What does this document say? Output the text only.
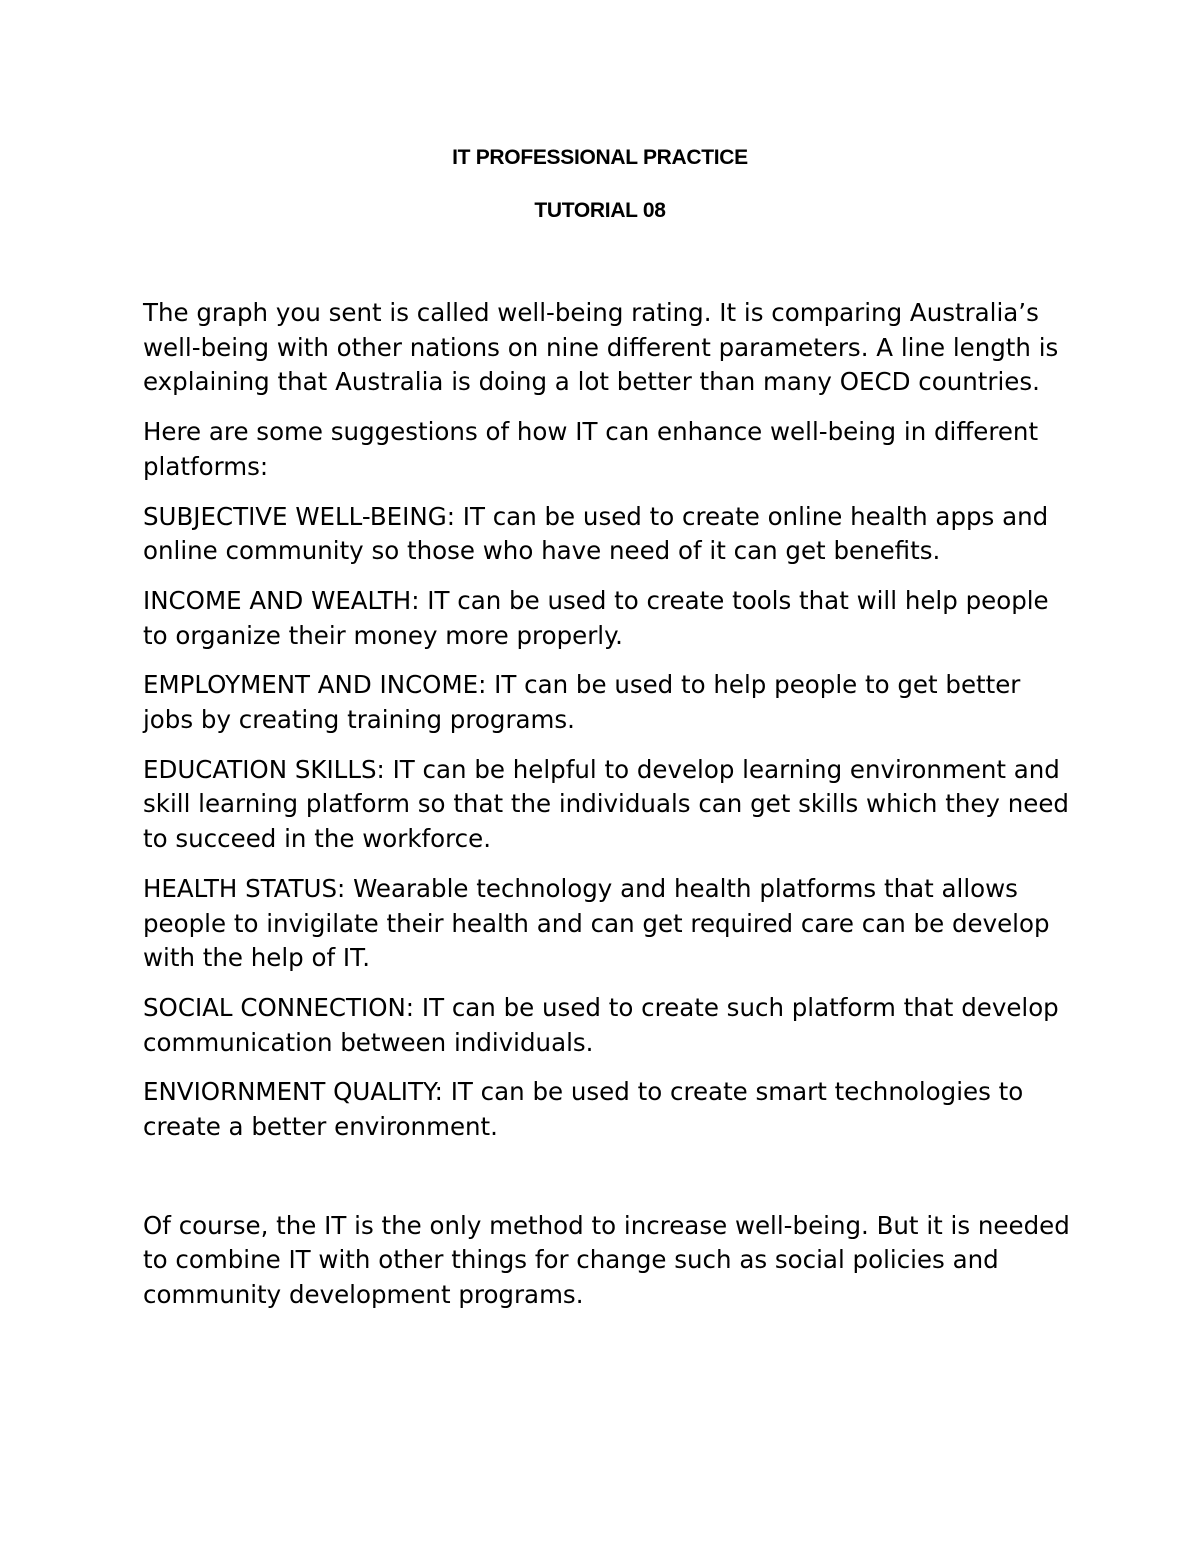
IT PROFESSIONAL PRACTICE
TUTORIAL 08

The graph you sent is called well-being rating. It is comparing Australia’s well-being with other nations on nine different parameters. A line length is explaining that Australia is doing a lot better than many OECD countries.

Here are some suggestions of how IT can enhance well-being in different platforms:

SUBJECTIVE WELL-BEING: IT can be used to create online health apps and online community so those who have need of it can get benefits.

INCOME AND WEALTH: IT can be used to create tools that will help people to organize their money more properly.

EMPLOYMENT AND INCOME: IT can be used to help people to get better jobs by creating training programs.

EDUCATION SKILLS: IT can be helpful to develop learning environment and skill learning platform so that the individuals can get skills which they need to succeed in the workforce.

HEALTH STATUS: Wearable technology and health platforms that allows people to invigilate their health and can get required care can be develop with the help of IT.

SOCIAL CONNECTION: IT can be used to create such platform that develop communication between individuals.

ENVIORNMENT QUALITY: IT can be used to create smart technologies to create a better environment.

Of course, the IT is the only method to increase well-being. But it is needed to combine IT with other things for change such as social policies and community development programs.
